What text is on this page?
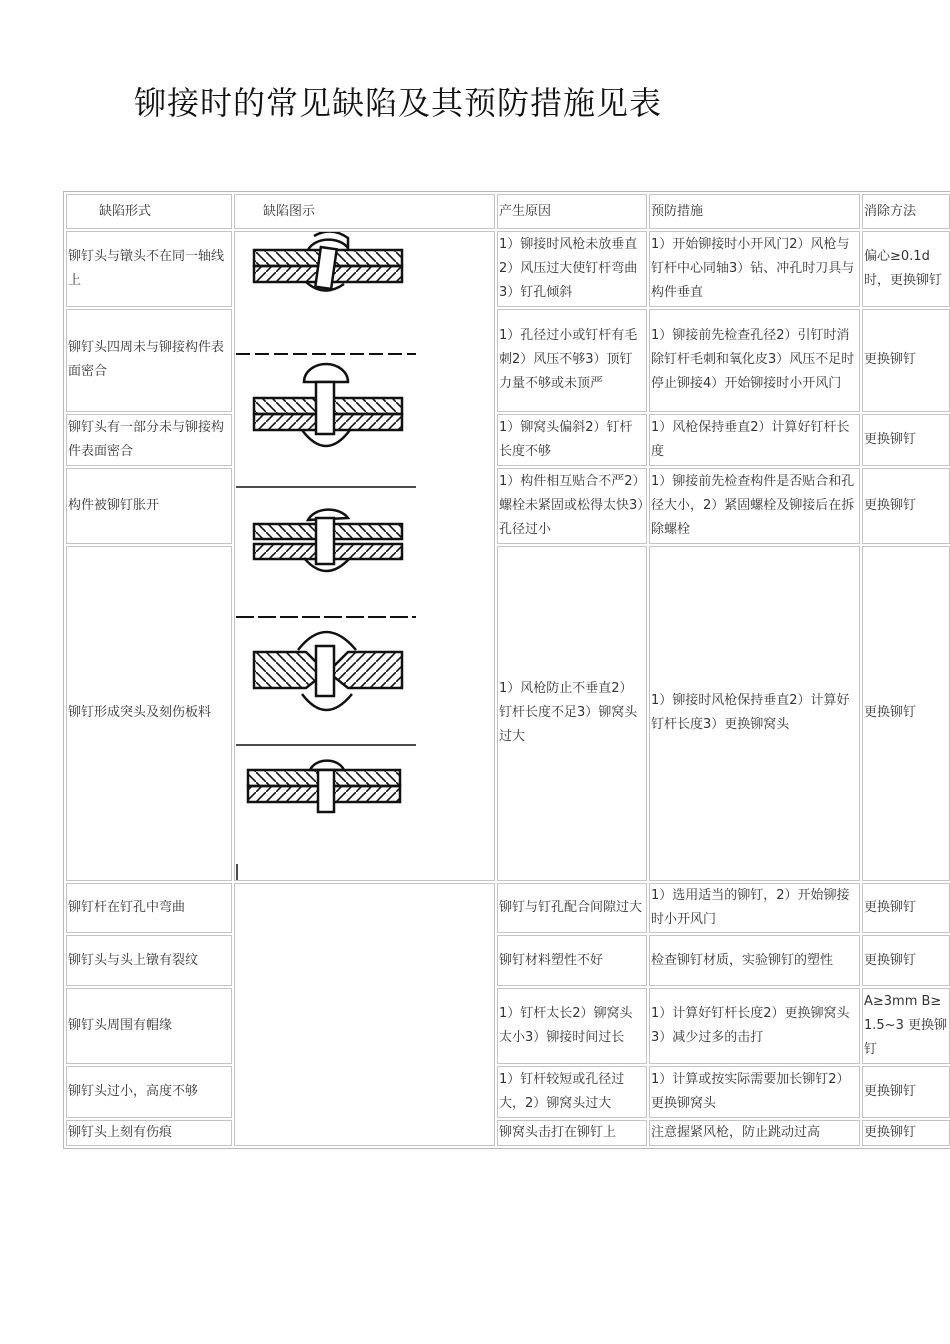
铆接时的常见缺陷及其预防措施见表
缺陷形式	缺陷图示	产生原因	预防措施	消除方法
铆钉头与镦头不在同一轴线上		1）铆接时风枪未放垂直2）风压过大使钉杆弯曲3）钉孔倾斜	1）开始铆接时小开风门2）风枪与钉杆中心同轴3）钻、冲孔时刀具与构件垂直	偏心≥0.1d时，更换铆钉
铆钉头四周未与铆接构件表面密合		1）孔径过小或钉杆有毛刺2）风压不够3）顶钉力量不够或未顶严	1）铆接前先检查孔径2）引钉时消除钉杆毛刺和氧化皮3）风压不足时停止铆接4）开始铆接时小开风门	更换铆钉
铆钉头有一部分未与铆接构件表面密合		1）铆窝头偏斜2）钉杆长度不够	1）风枪保持垂直2）计算好钉杆长度	更换铆钉
构件被铆钉胀开		1）构件相互贴合不严2）螺栓未紧固或松得太快3）孔径过小	1）铆接前先检查构件是否贴合和孔径大小，2）紧固螺栓及铆接后在拆除螺栓	更换铆钉
铆钉形成突头及刻伤板料		1）风枪防止不垂直2）钉杆长度不足3）铆窝头过大	1）铆接时风枪保持垂直2）计算好钉杆长度3）更换铆窝头	更换铆钉
铆钉杆在钉孔中弯曲		铆钉与钉孔配合间隙过大	1）选用适当的铆钉，2）开始铆接时小开风门	更换铆钉
铆钉头与头上镦有裂纹		铆钉材料塑性不好	检查铆钉材质，实验铆钉的塑性	更换铆钉
铆钉头周围有帽缘		1）钉杆太长2）铆窝头太小3）铆接时间过长	1）计算好钉杆长度2）更换铆窝头3）减少过多的击打	A≥3mm B≥1.5~3 更换铆钉
铆钉头过小，高度不够		1）钉杆较短或孔径过大，2）铆窝头过大	1）计算或按实际需要加长铆钉2）更换铆窝头	更换铆钉
铆钉头上刻有伤痕		铆窝头击打在铆钉上	注意握紧风枪，防止跳动过高	更换铆钉
